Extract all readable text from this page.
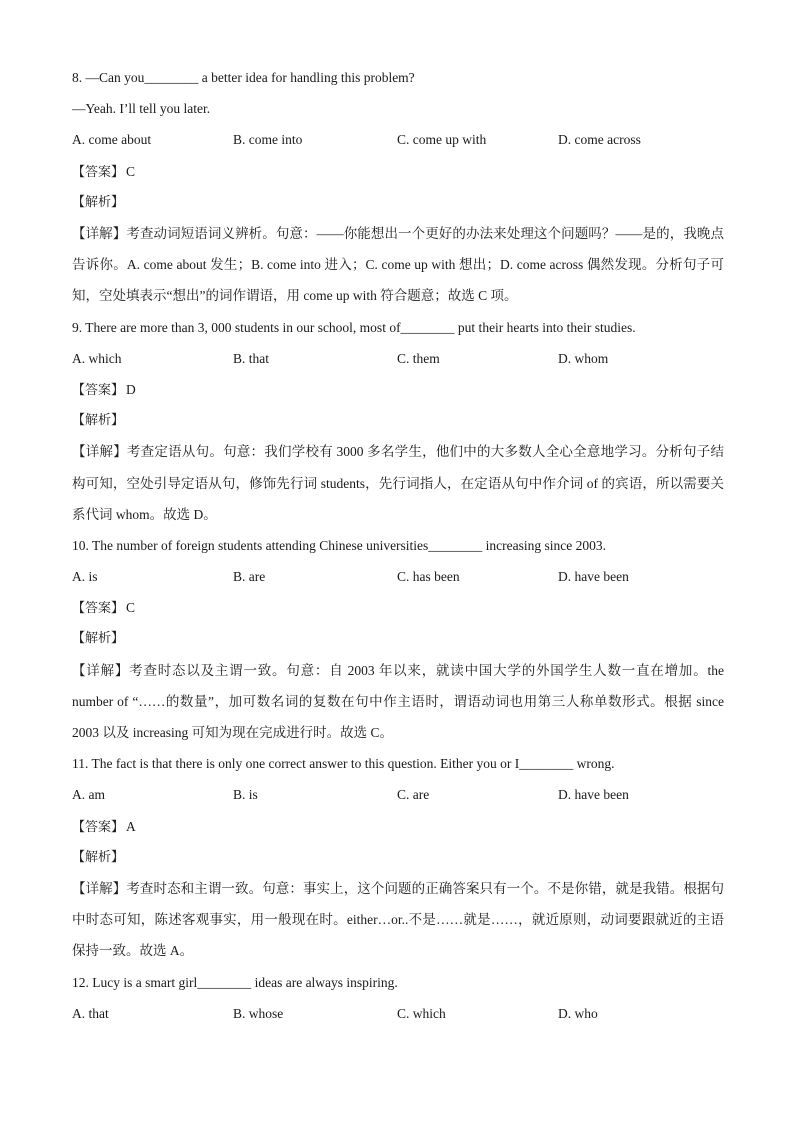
8. —Can you________ a better idea for handling this problem?
—Yeah. I’ll tell you later.
A. come about	B. come into	C. come up with	D. come across
【答案】 C
【解析】
【详解】考查动词短语词义辨析。句意：——你能想出一个更好的办法来处理这个问题吗？——是的，我晚点告诉你。A. come about 发生；B. come into 进入；C. come up with 想出；D. come across 偶然发现。分析句子可知，空处填表示“想出”的词作谓语，用 come up with 符合题意；故选 C 项。
9. There are more than 3, 000 students in our school, most of________ put their hearts into their studies.
A. which	B. that	C. them	D. whom
【答案】 D
【解析】
【详解】考查定语从句。句意：我们学校有 3000 多名学生，他们中的大多数人全心全意地学习。分析句子结构可知，空处引导定语从句，修饰先行词 students，先行词指人，在定语从句中作介词 of 的宾语，所以需要关系代词 whom。故选 D。
10. The number of foreign students attending Chinese universities________ increasing since 2003.
A. is	B. are	C. has been	D. have been
【答案】 C
【解析】
【详解】考查时态以及主谓一致。句意：自 2003 年以来，就读中国大学的外国学生人数一直在增加。the number of “……的数量”，加可数名词的复数在句中作主语时，谓语动词也用第三人称单数形式。根据 since 2003 以及 increasing 可知为现在完成进行时。故选 C。
11. The fact is that there is only one correct answer to this question. Either you or I________ wrong.
A. am	B. is	C. are	D. have been
【答案】 A
【解析】
【详解】考查时态和主谓一致。句意：事实上，这个问题的正确答案只有一个。不是你错，就是我错。根据句中时态可知，陈述客观事实，用一般现在时。either…or..不是……就是……，就近原则，动词要跟就近的主语保持一致。故选 A。
12. Lucy is a smart girl________ ideas are always inspiring.
A. that	B. whose	C. which	D. who
